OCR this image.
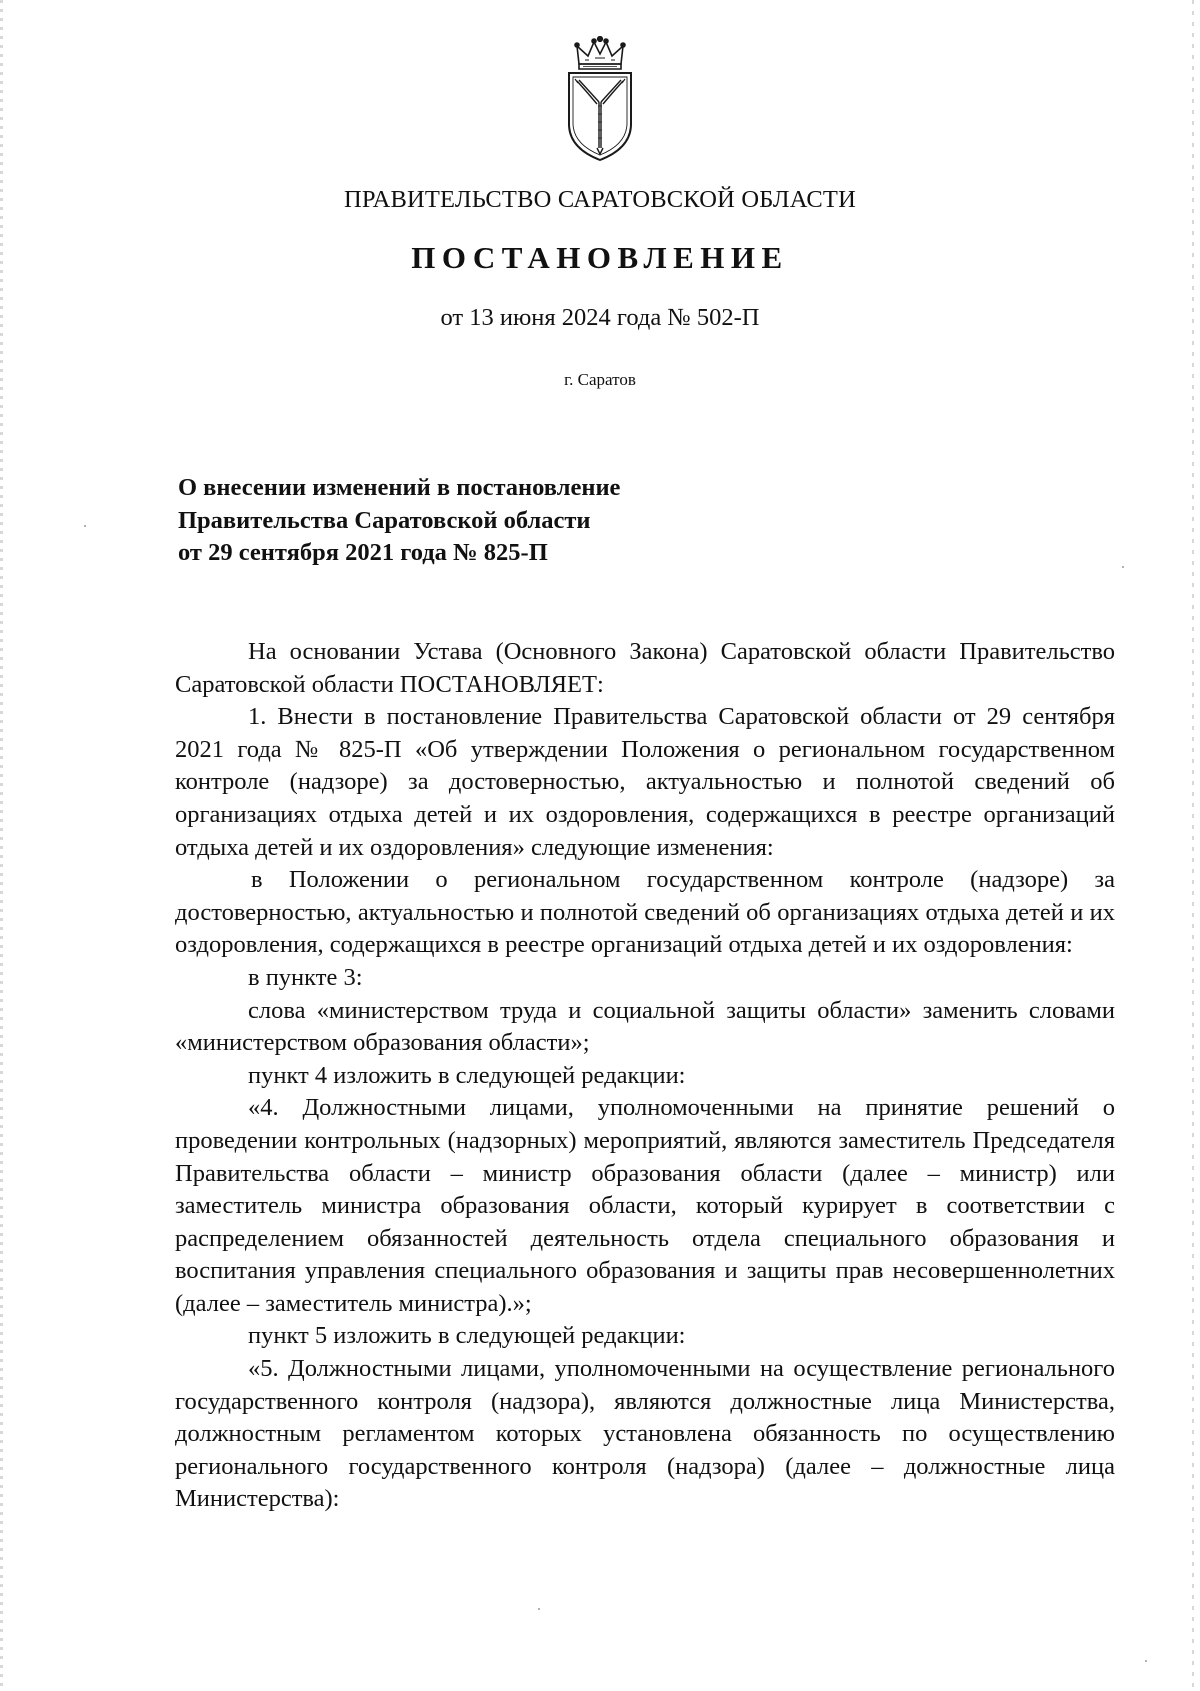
ПРАВИТЕЛЬСТВО САРАТОВСКОЙ ОБЛАСТИ
ПОСТАНОВЛЕНИЕ
от 13 июня 2024 года № 502-П
г. Саратов
О внесении изменений в постановление
Правительства Саратовской области
от 29 сентября 2021 года № 825-П

На основании Устава (Основного Закона) Саратовской области Правительство Саратовской области ПОСТАНОВЛЯЕТ:

1. Внести в постановление Правительства Саратовской области от 29 сентября 2021 года № 825-П «Об утверждении Положения о региональном государственном контроле (надзоре) за достоверностью, актуальностью и полнотой сведений об организациях отдыха детей и их оздоровления, содержащихся в реестре организаций отдыха детей и их оздоровления» следующие изменения:

в Положении о региональном государственном контроле (надзоре) за достоверностью, актуальностью и полнотой сведений об организациях отдыха детей и их оздоровления, содержащихся в реестре организаций отдыха детей и их оздоровления:

в пункте 3:

слова «министерством труда и социальной защиты области» заменить словами «министерством образования области»;

пункт 4 изложить в следующей редакции:

«4. Должностными лицами, уполномоченными на принятие решений о проведении контрольных (надзорных) мероприятий, являются заместитель Председателя Правительства области – министр образования области (далее – министр) или заместитель министра образования области, который курирует в соответствии с распределением обязанностей деятельность отдела специального образования и воспитания управления специального образования и защиты прав несовершеннолетних (далее – заместитель министра).»;

пункт 5 изложить в следующей редакции:

«5. Должностными лицами, уполномоченными на осуществление регионального государственного контроля (надзора), являются должностные лица Министерства, должностным регламентом которых установлена обязанность по осуществлению регионального государственного контроля (надзора) (далее – должностные лица Министерства):
